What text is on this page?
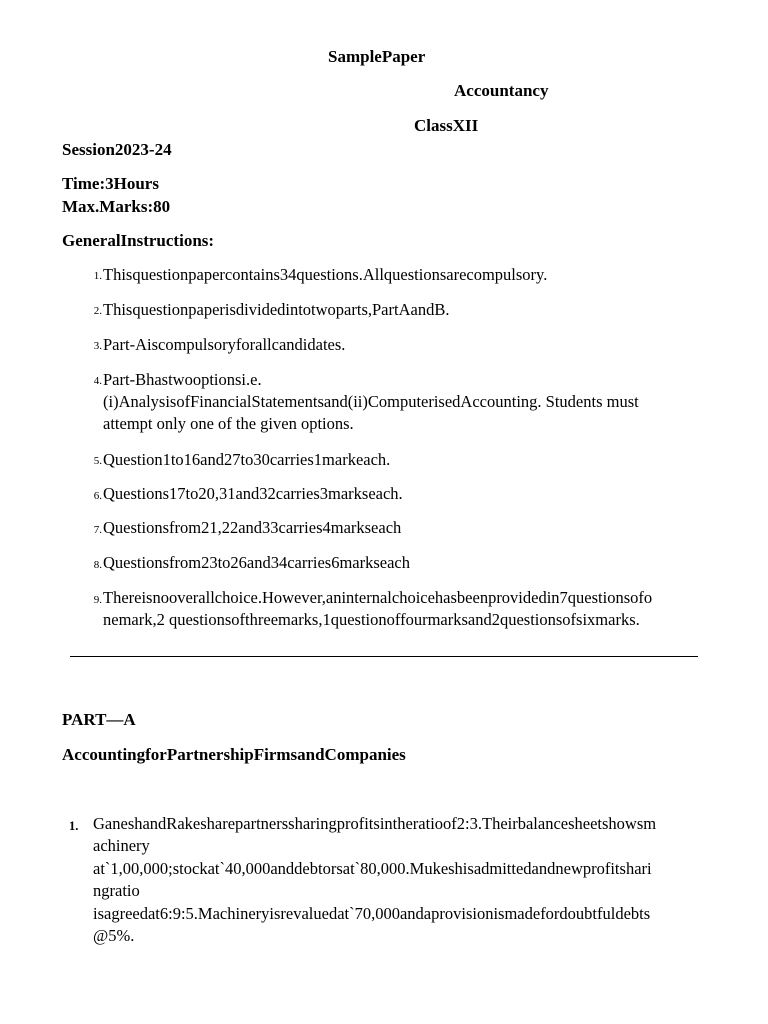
SamplePaper
Accountancy
ClassXII
Session2023-24
Time:3Hours
Max.Marks:80
GeneralInstructions:
1. Thisquestionpapercontains34questions.Allquestionsarecompulsory.
2. Thisquestionpaperisdividedintotwoparts,PartAandB.
3. Part-Aiscompulsoryforallcandidates.
4. Part-Bhastwooptionsi.e.
(i)AnalysisofFinancialStatementsand(ii)ComputerisedAccounting. Students must
attempt only one of the given options.
5. Question1to16and27to30carries1markeach.
6. Questions17to20,31and32carries3markseach.
7. Questionsfrom21,22and33carries4markseach
8. Questionsfrom23to26and34carries6markseach
9. Thereisnooverallchoice.However,aninternalchoicehasbeenprovidedin7questionsofo
nemark,2 questionsofthreemarks,1questionoffourmarksand2questionsofsixmarks.
PART—A
AccountingforPartnershipFirmsandCompanies
1. GaneshandRakesharepartnerssharingprofitsintheratioof2:3.Theirbalancesheetshowsm
achinery
at`1,00,000;stockat`40,000anddebtorsat`80,000.Mukeshisadmittedandnewprofitshari
ngratio
isagreedat6:9:5.Machineryisrevaluedat`70,000andaprovisionismadefordoubtfuldebts
@5%.
